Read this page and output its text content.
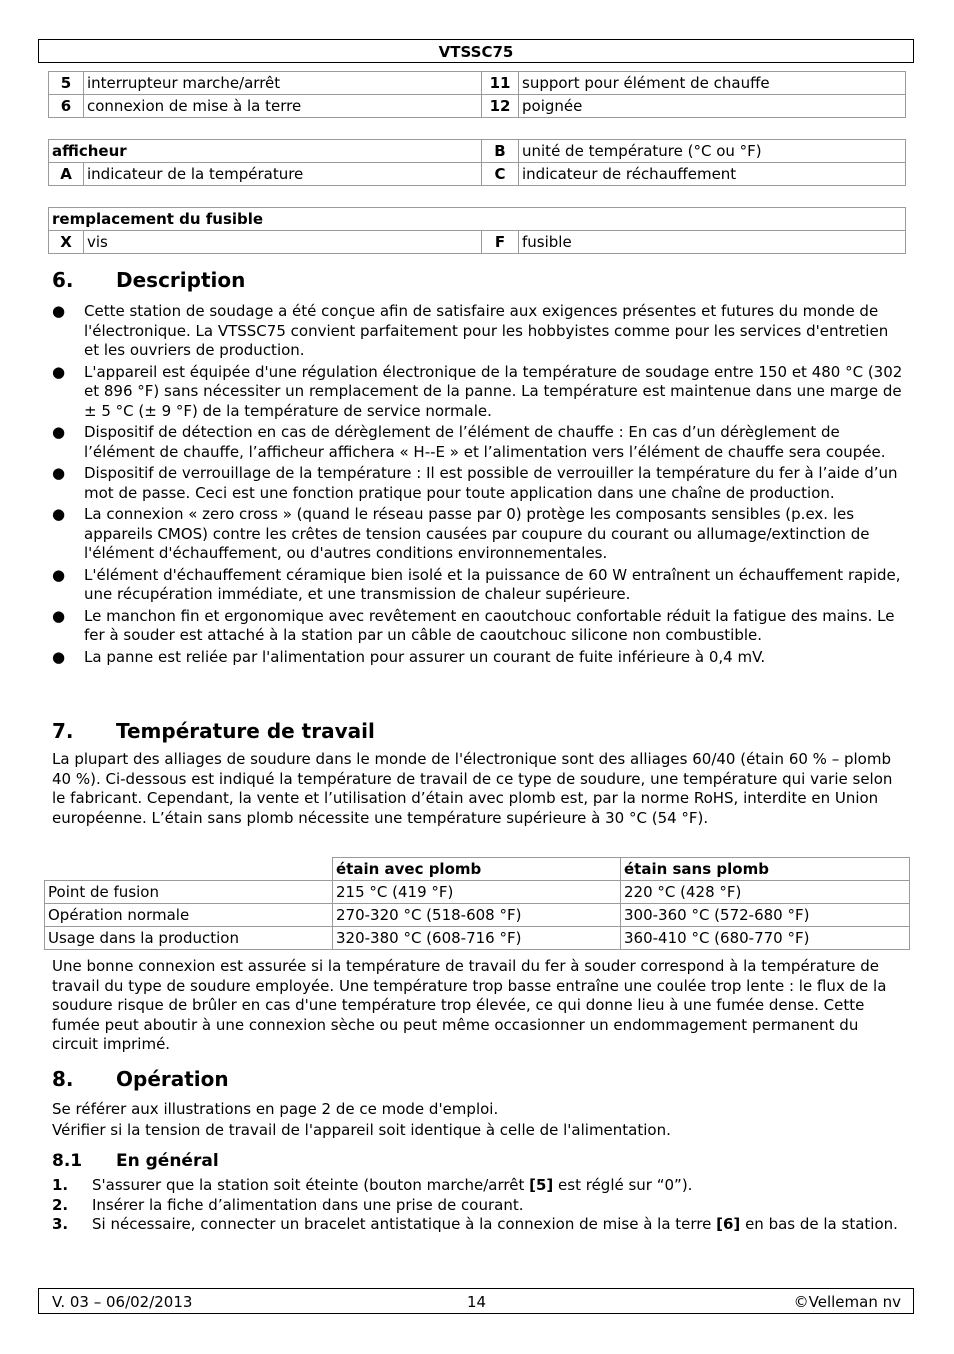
VTSSC75
5	interrupteur marche/arrêt	11	support pour élément de chauffe
6	connexion de mise à la terre	12	poignée
afficheur		B	unité de température (°C ou °F)
A	indicateur de la température	C	indicateur de réchauffement
remplacement du fusible
X	vis	F	fusible
6. Description
● Cette station de soudage a été conçue afin de satisfaire aux exigences présentes et futures du monde de l'électronique. La VTSSC75 convient parfaitement pour les hobbyistes comme pour les services d'entretien et les ouvriers de production.
● L'appareil est équipée d'une régulation électronique de la température de soudage entre 150 et 480 °C (302 et 896 °F) sans nécessiter un remplacement de la panne. La température est maintenue dans une marge de ± 5 °C (± 9 °F) de la température de service normale.
● Dispositif de détection en cas de dérèglement de l’élément de chauffe : En cas d’un dérèglement de l’élément de chauffe, l’afficheur affichera « H--E » et l’alimentation vers l’élément de chauffe sera coupée.
● Dispositif de verrouillage de la température : Il est possible de verrouiller la température du fer à l’aide d’un mot de passe. Ceci est une fonction pratique pour toute application dans une chaîne de production.
● La connexion « zero cross » (quand le réseau passe par 0) protège les composants sensibles (p.ex. les appareils CMOS) contre les crêtes de tension causées par coupure du courant ou allumage/extinction de l'élément d'échauffement, ou d'autres conditions environnementales.
● L'élément d'échauffement céramique bien isolé et la puissance de 60 W entraînent un échauffement rapide, une récupération immédiate, et une transmission de chaleur supérieure.
● Le manchon fin et ergonomique avec revêtement en caoutchouc confortable réduit la fatigue des mains. Le fer à souder est attaché à la station par un câble de caoutchouc silicone non combustible.
● La panne est reliée par l'alimentation pour assurer un courant de fuite inférieure à 0,4 mV.
7. Température de travail

La plupart des alliages de soudure dans le monde de l'électronique sont des alliages 60/40 (étain 60 % – plomb 40 %). Ci-dessous est indiqué la température de travail de ce type de soudure, une température qui varie selon le fabricant. Cependant, la vente et l’utilisation d’étain avec plomb est, par la norme RoHS, interdite en Union européenne. L’étain sans plomb nécessite une température supérieure à 30 °C (54 °F).

	étain avec plomb	étain sans plomb
Point de fusion	215 °C (419 °F)	220 °C (428 °F)
Opération normale	270-320 °C (518-608 °F)	300-360 °C (572-680 °F)
Usage dans la production	320-380 °C (608-716 °F)	360-410 °C (680-770 °F)

Une bonne connexion est assurée si la température de travail du fer à souder correspond à la température de travail du type de soudure employée. Une température trop basse entraîne une coulée trop lente : le flux de la soudure risque de brûler en cas d'une température trop élevée, ce qui donne lieu à une fumée dense. Cette fumée peut aboutir à une connexion sèche ou peut même occasionner un endommagement permanent du circuit imprimé.

8. Opération

Se référer aux illustrations en page 2 de ce mode d'emploi.

Vérifier si la tension de travail de l'appareil soit identique à celle de l'alimentation.

8.1 En général
1. S'assurer que la station soit éteinte (bouton marche/arrêt [5] est réglé sur “0”).
2. Insérer la fiche d’alimentation dans une prise de courant.
3. Si nécessaire, connecter un bracelet antistatique à la connexion de mise à la terre [6] en bas de la station.
V. 03 – 06/02/2013	14	©Velleman nv
